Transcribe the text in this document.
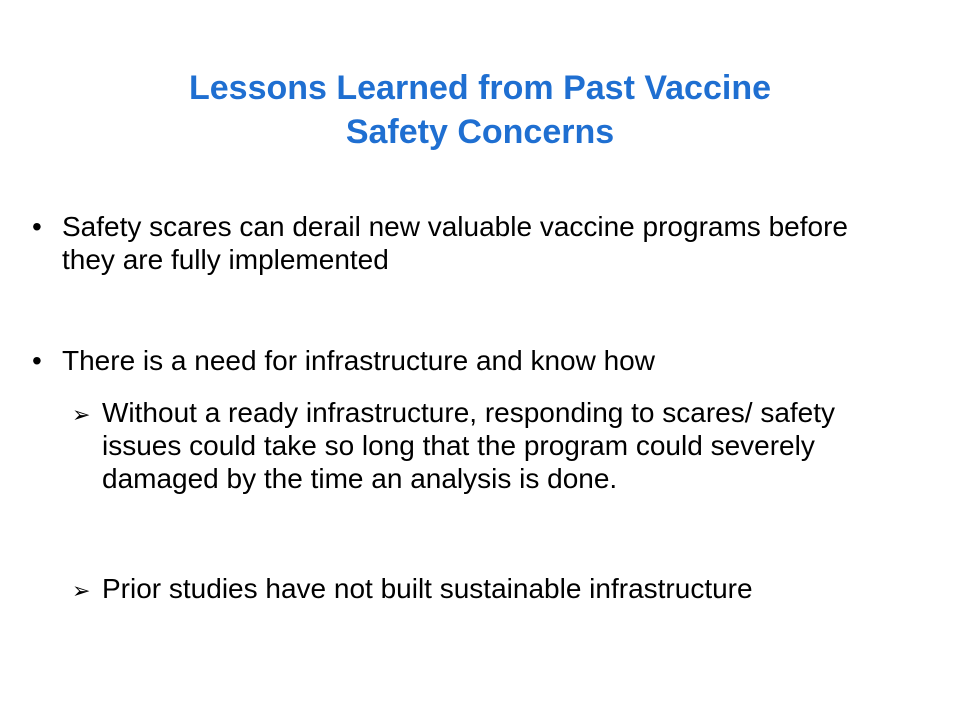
Lessons Learned from Past Vaccine
Safety Concerns
• Safety scares can derail new valuable vaccine programs before they are fully implemented
• There is a need for infrastructure and know how
➢ Without a ready infrastructure, responding to scares/ safety issues could take so long that the program could severely damaged by the time an analysis is done.
➢ Prior studies have not built sustainable infrastructure
